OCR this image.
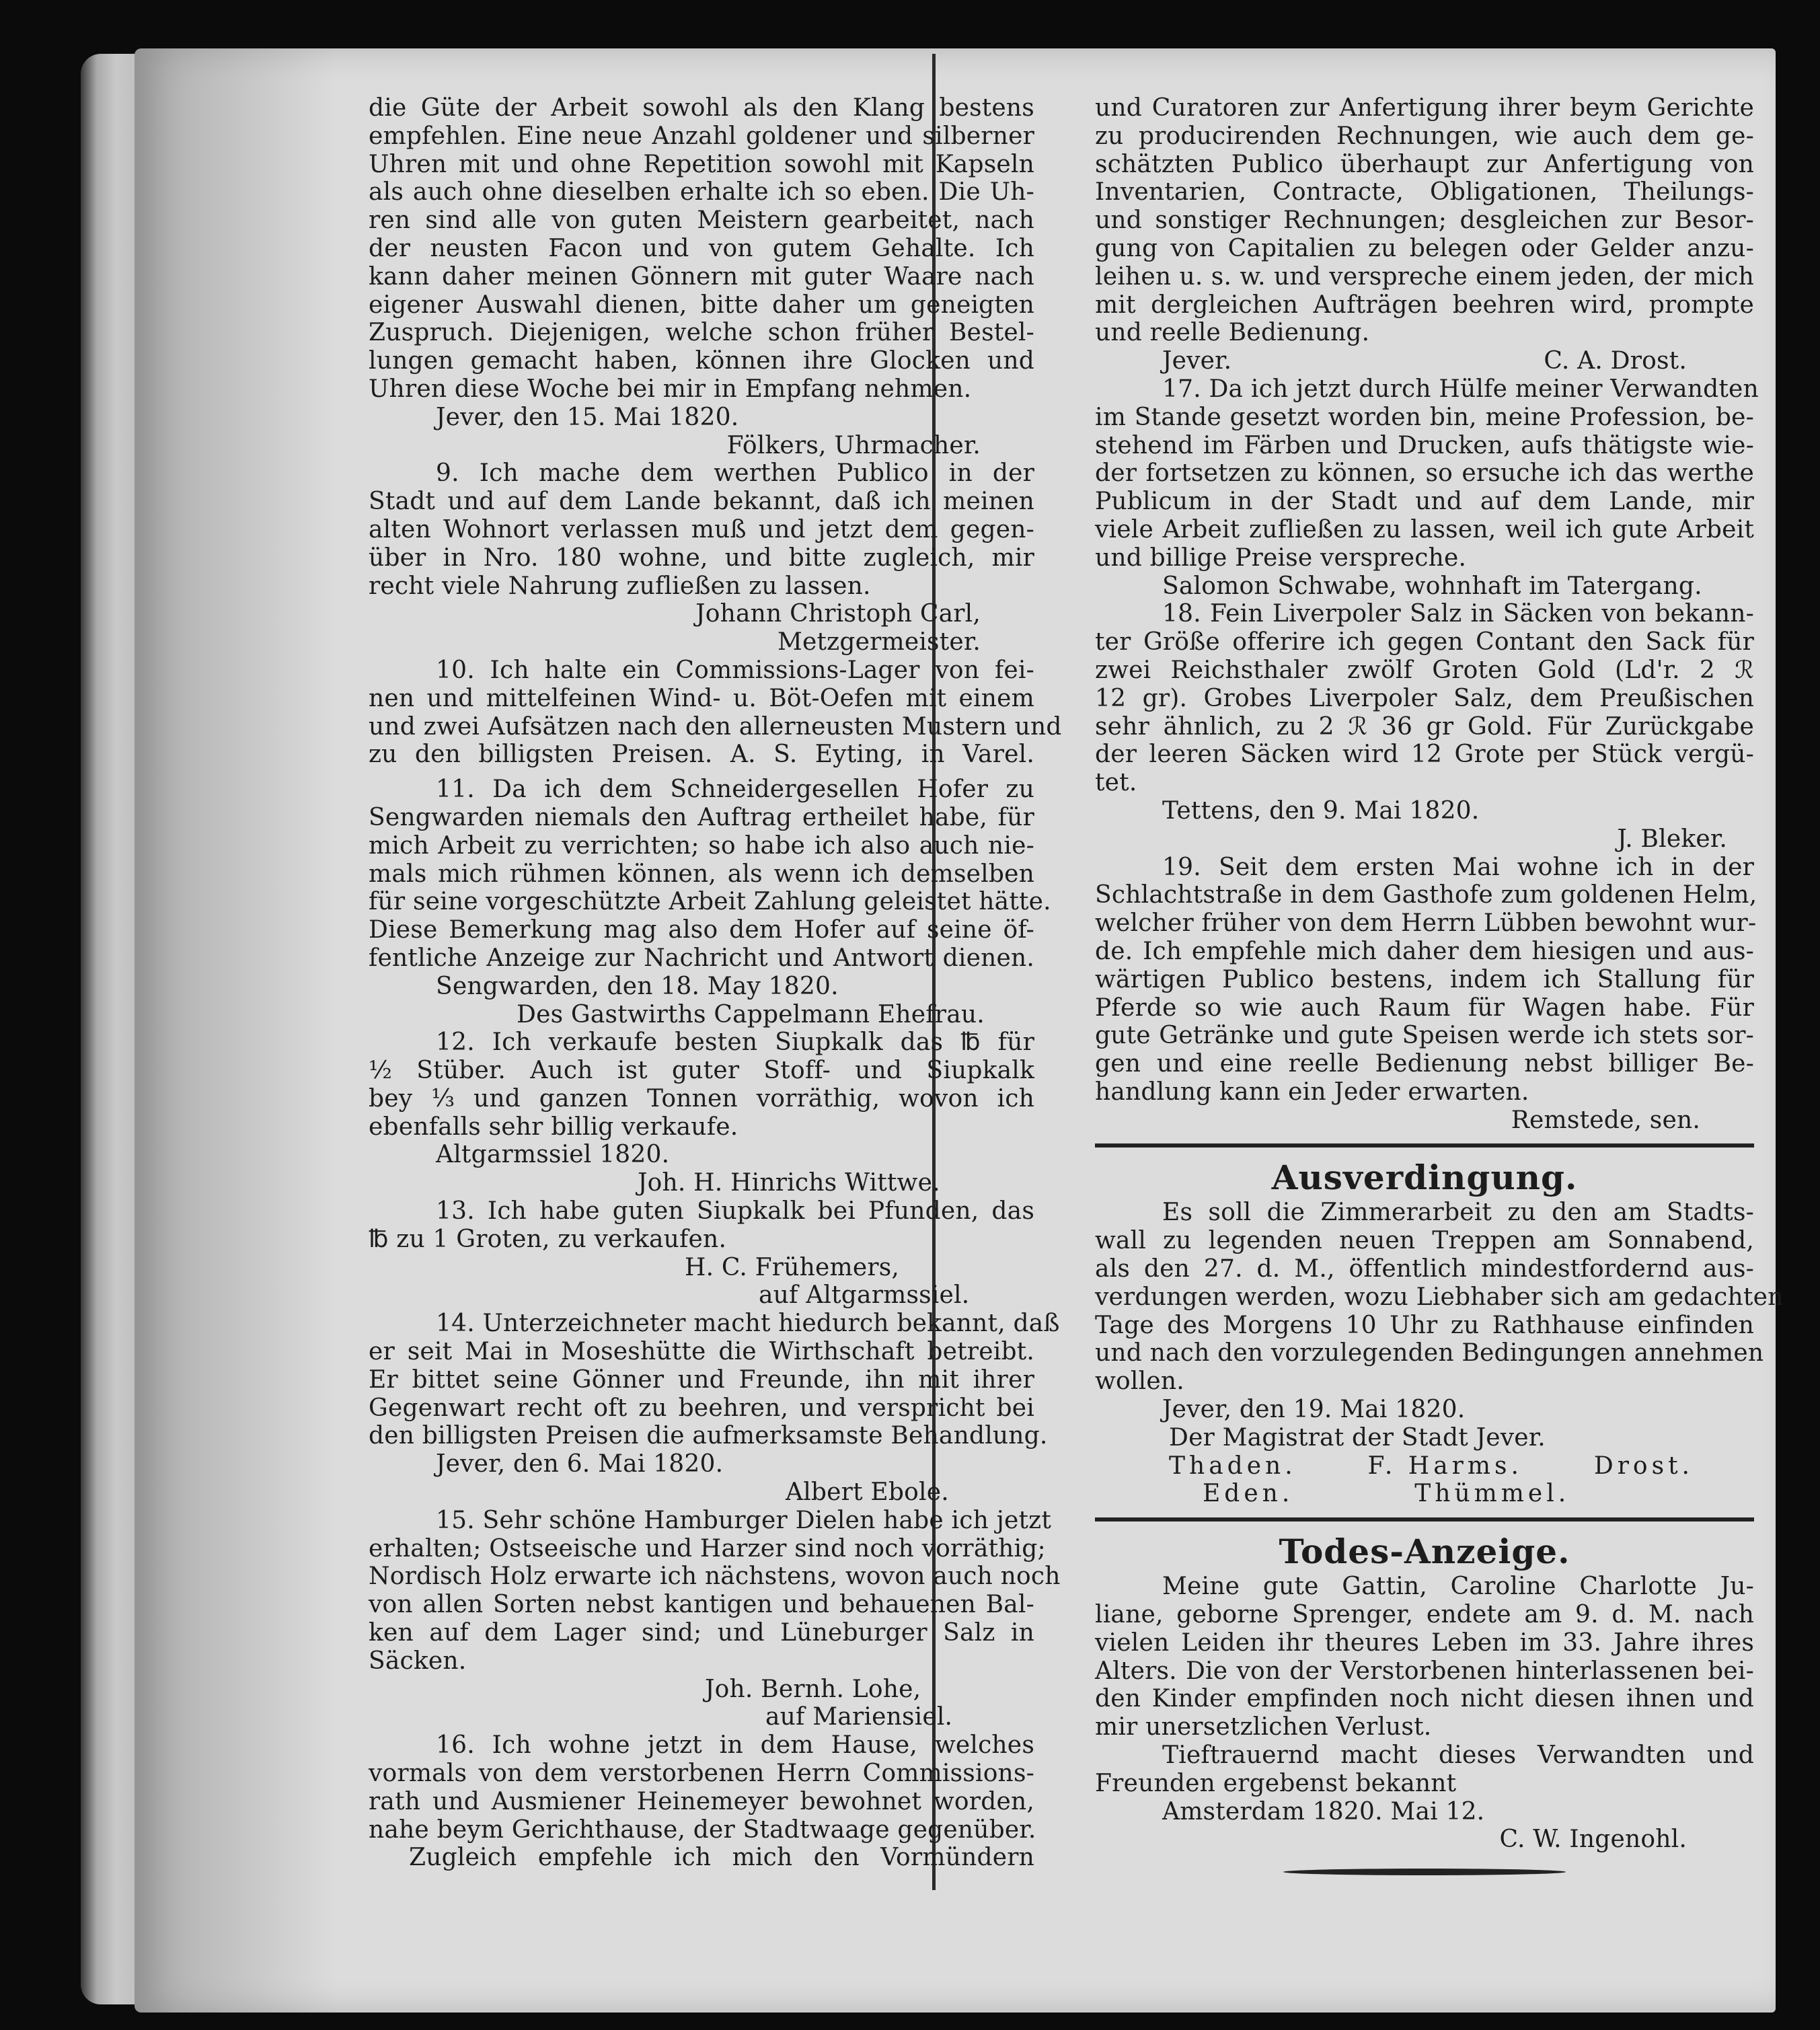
die Güte der Arbeit sowohl als den Klang bestens
empfehlen. Eine neue Anzahl goldener und silberner
Uhren mit und ohne Repetition sowohl mit Kapseln
als auch ohne dieselben erhalte ich so eben. Die Uh-
ren sind alle von guten Meistern gearbeitet, nach
der neusten Facon und von gutem Gehalte. Ich
kann daher meinen Gönnern mit guter Waare nach
eigener Auswahl dienen, bitte daher um geneigten
Zuspruch. Diejenigen, welche schon früher Bestel-
lungen gemacht haben, können ihre Glocken und
Uhren diese Woche bei mir in Empfang nehmen.
Jever, den 15. Mai 1820.
Fölkers, Uhrmacher.
9. Ich mache dem werthen Publico in der
Stadt und auf dem Lande bekannt, daß ich meinen
alten Wohnort verlassen muß und jetzt dem gegen-
über in Nro. 180 wohne, und bitte zugleich, mir
recht viele Nahrung zufließen zu lassen.
Johann Christoph Carl,
Metzgermeister.
10. Ich halte ein Commissions-Lager von fei-
nen und mittelfeinen Wind- u. Böt-Oefen mit einem
und zwei Aufsätzen nach den allerneusten Mustern und
zu den billigsten Preisen. A. S. Eyting, in Varel.
11. Da ich dem Schneidergesellen Hofer zu
Sengwarden niemals den Auftrag ertheilet habe, für
mich Arbeit zu verrichten; so habe ich also auch nie-
mals mich rühmen können, als wenn ich demselben
für seine vorgeschützte Arbeit Zahlung geleistet hätte.
Diese Bemerkung mag also dem Hofer auf seine öf-
fentliche Anzeige zur Nachricht und Antwort dienen.
Sengwarden, den 18. May 1820.
Des Gastwirths Cappelmann Ehefrau.
12. Ich verkaufe besten Siupkalk das ℔ für
½ Stüber. Auch ist guter Stoff- und Siupkalk
bey ⅓ und ganzen Tonnen vorräthig, wovon ich
ebenfalls sehr billig verkaufe.
Altgarmssiel 1820.
Joh. H. Hinrichs Wittwe.
13. Ich habe guten Siupkalk bei Pfunden, das
℔ zu 1 Groten, zu verkaufen.
H. C. Frühemers,
auf Altgarmssiel.
14. Unterzeichneter macht hiedurch bekannt, daß
er seit Mai in Moseshütte die Wirthschaft betreibt.
Er bittet seine Gönner und Freunde, ihn mit ihrer
Gegenwart recht oft zu beehren, und verspricht bei
den billigsten Preisen die aufmerksamste Behandlung.
Jever, den 6. Mai 1820.
Albert Ebole.
15. Sehr schöne Hamburger Dielen habe ich jetzt
erhalten; Ostseeische und Harzer sind noch vorräthig;
Nordisch Holz erwarte ich nächstens, wovon auch noch
von allen Sorten nebst kantigen und behauenen Bal-
ken auf dem Lager sind; und Lüneburger Salz in
Säcken.
Joh. Bernh. Lohe,
auf Mariensiel.
16. Ich wohne jetzt in dem Hause, welches
vormals von dem verstorbenen Herrn Commissions-
rath und Ausmiener Heinemeyer bewohnet worden,
nahe beym Gerichthause, der Stadtwaage gegenüber.
Zugleich empfehle ich mich den Vormündern
und Curatoren zur Anfertigung ihrer beym Gerichte
zu producirenden Rechnungen, wie auch dem ge-
schätzten Publico überhaupt zur Anfertigung von
Inventarien, Contracte, Obligationen, Theilungs-
und sonstiger Rechnungen; desgleichen zur Besor-
gung von Capitalien zu belegen oder Gelder anzu-
leihen u. s. w. und verspreche einem jeden, der mich
mit dergleichen Aufträgen beehren wird, prompte
und reelle Bedienung.
Jever.	C. A. Drost.
17. Da ich jetzt durch Hülfe meiner Verwandten
im Stande gesetzt worden bin, meine Profession, be-
stehend im Färben und Drucken, aufs thätigste wie-
der fortsetzen zu können, so ersuche ich das werthe
Publicum in der Stadt und auf dem Lande, mir
viele Arbeit zufließen zu lassen, weil ich gute Arbeit
und billige Preise verspreche.
Salomon Schwabe, wohnhaft im Tatergang.
18. Fein Liverpoler Salz in Säcken von bekann-
ter Größe offerire ich gegen Contant den Sack für
zwei Reichsthaler zwölf Groten Gold (Ld'r. 2 ℛ
12 gr). Grobes Liverpoler Salz, dem Preußischen
sehr ähnlich, zu 2 ℛ 36 gr Gold. Für Zurückgabe
der leeren Säcken wird 12 Grote per Stück vergü-
tet.
Tettens, den 9. Mai 1820.
J. Bleker.
19. Seit dem ersten Mai wohne ich in der
Schlachtstraße in dem Gasthofe zum goldenen Helm,
welcher früher von dem Herrn Lübben bewohnt wur-
de. Ich empfehle mich daher dem hiesigen und aus-
wärtigen Publico bestens, indem ich Stallung für
Pferde so wie auch Raum für Wagen habe. Für
gute Getränke und gute Speisen werde ich stets sor-
gen und eine reelle Bedienung nebst billiger Be-
handlung kann ein Jeder erwarten.
Remstede, sen.
Ausverdingung.
Es soll die Zimmerarbeit zu den am Stadts-
wall zu legenden neuen Treppen am Sonnabend,
als den 27. d. M., öffentlich mindestfordernd aus-
verdungen werden, wozu Liebhaber sich am gedachten
Tage des Morgens 10 Uhr zu Rathhause einfinden
und nach den vorzulegenden Bedingungen annehmen
wollen.
Jever, den 19. Mai 1820.
Der Magistrat der Stadt Jever.
Thaden.	F. Harms.	Drost.
Eden.	Thümmel.
Todes-Anzeige.
Meine gute Gattin, Caroline Charlotte Ju-
liane, geborne Sprenger, endete am 9. d. M. nach
vielen Leiden ihr theures Leben im 33. Jahre ihres
Alters. Die von der Verstorbenen hinterlassenen bei-
den Kinder empfinden noch nicht diesen ihnen und
mir unersetzlichen Verlust.
Tieftrauernd macht dieses Verwandten und
Freunden ergebenst bekannt
Amsterdam 1820. Mai 12.
C. W. Ingenohl.
